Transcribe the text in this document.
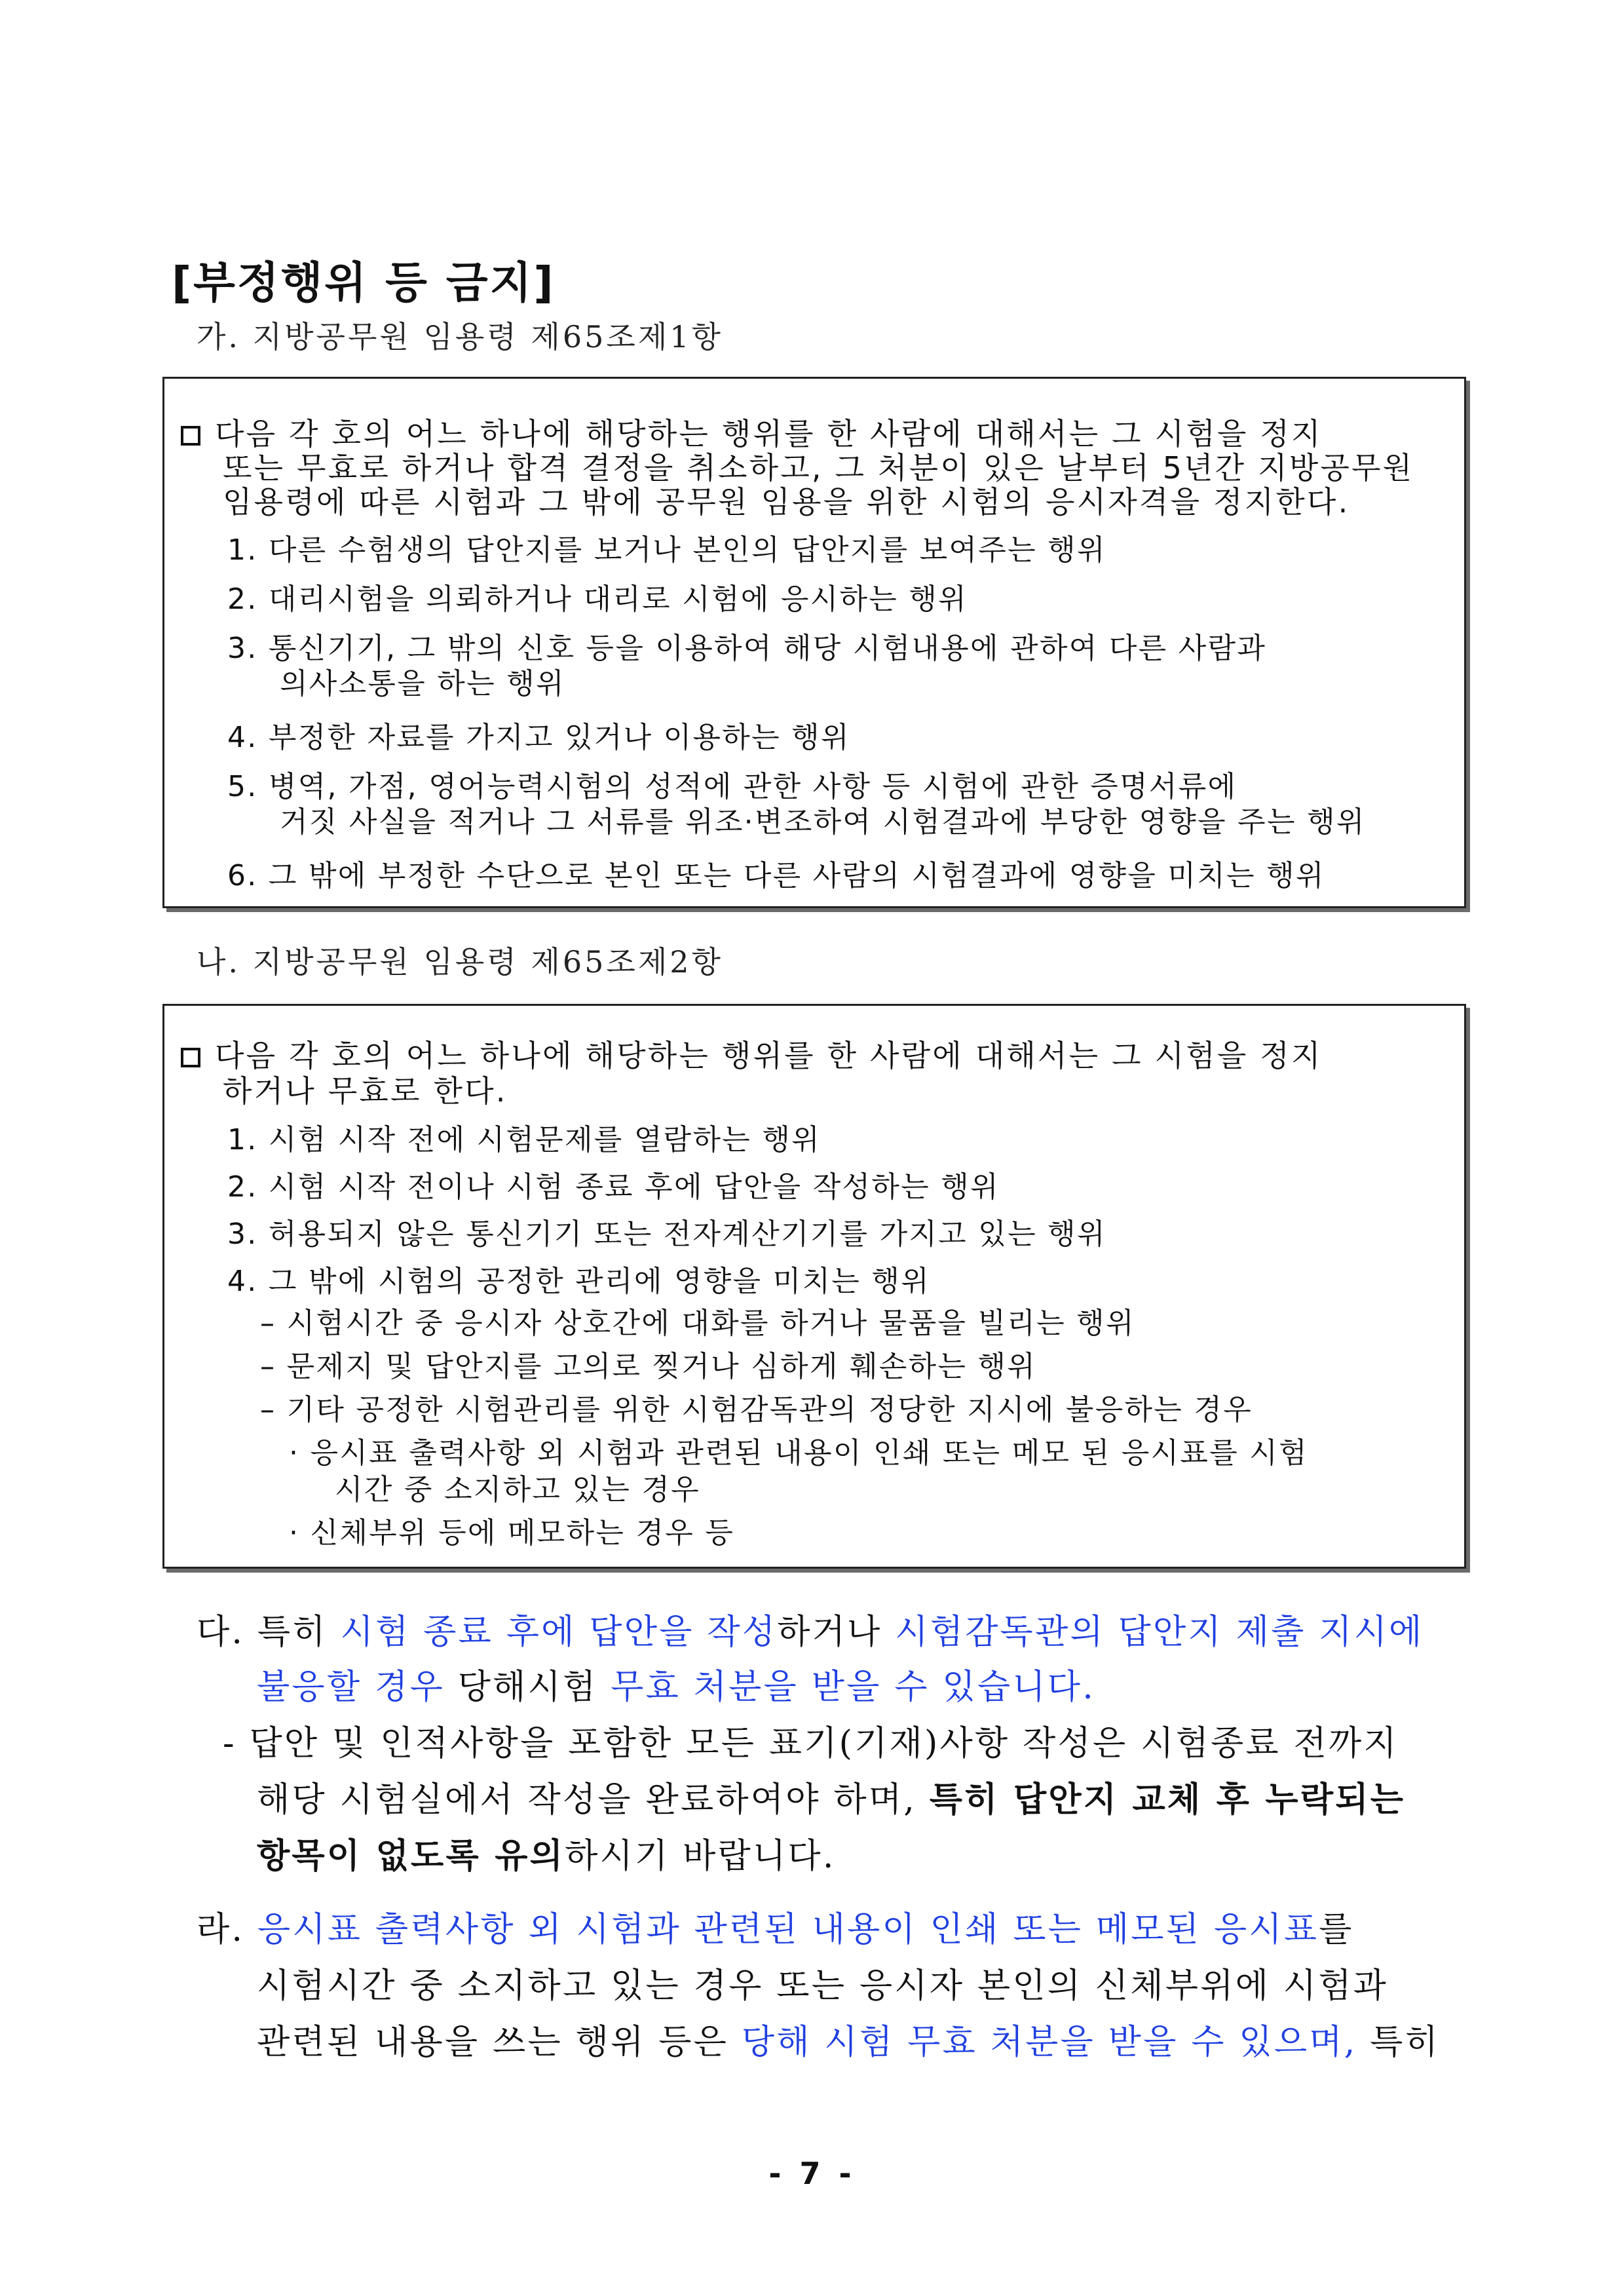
[부정행위 등 금지]
가. 지방공무원 임용령 제65조제1항
다음 각 호의 어느 하나에 해당하는 행위를 한 사람에 대해서는 그 시험을 정지
또는 무효로 하거나 합격 결정을 취소하고, 그 처분이 있은 날부터 5년간 지방공무원
임용령에 따른 시험과 그 밖에 공무원 임용을 위한 시험의 응시자격을 정지한다.
1. 다른 수험생의 답안지를 보거나 본인의 답안지를 보여주는 행위
2. 대리시험을 의뢰하거나 대리로 시험에 응시하는 행위
3. 통신기기, 그 밖의 신호 등을 이용하여 해당 시험내용에 관하여 다른 사람과
의사소통을 하는 행위
4. 부정한 자료를 가지고 있거나 이용하는 행위
5. 병역, 가점, 영어능력시험의 성적에 관한 사항 등 시험에 관한 증명서류에
거짓 사실을 적거나 그 서류를 위조·변조하여 시험결과에 부당한 영향을 주는 행위
6. 그 밖에 부정한 수단으로 본인 또는 다른 사람의 시험결과에 영향을 미치는 행위
나. 지방공무원 임용령 제65조제2항
다음 각 호의 어느 하나에 해당하는 행위를 한 사람에 대해서는 그 시험을 정지
하거나 무효로 한다.
1. 시험 시작 전에 시험문제를 열람하는 행위
2. 시험 시작 전이나 시험 종료 후에 답안을 작성하는 행위
3. 허용되지 않은 통신기기 또는 전자계산기기를 가지고 있는 행위
4. 그 밖에 시험의 공정한 관리에 영향을 미치는 행위
– 시험시간 중 응시자 상호간에 대화를 하거나 물품을 빌리는 행위
– 문제지 및 답안지를 고의로 찢거나 심하게 훼손하는 행위
– 기타 공정한 시험관리를 위한 시험감독관의 정당한 지시에 불응하는 경우
· 응시표 출력사항 외 시험과 관련된 내용이 인쇄 또는 메모 된 응시표를 시험
시간 중 소지하고 있는 경우
· 신체부위 등에 메모하는 경우 등
다. 특히 시험 종료 후에 답안을 작성하거나 시험감독관의 답안지 제출 지시에
불응할 경우 당해시험 무효 처분을 받을 수 있습니다.
- 답안 및 인적사항을 포함한 모든 표기(기재)사항 작성은 시험종료 전까지
해당 시험실에서 작성을 완료하여야 하며, 특히 답안지 교체 후 누락되는
항목이 없도록 유의하시기 바랍니다.
라. 응시표 출력사항 외 시험과 관련된 내용이 인쇄 또는 메모된 응시표를
시험시간 중 소지하고 있는 경우 또는 응시자 본인의 신체부위에 시험과
관련된 내용을 쓰는 행위 등은 당해 시험 무효 처분을 받을 수 있으며, 특히
- 7 -
